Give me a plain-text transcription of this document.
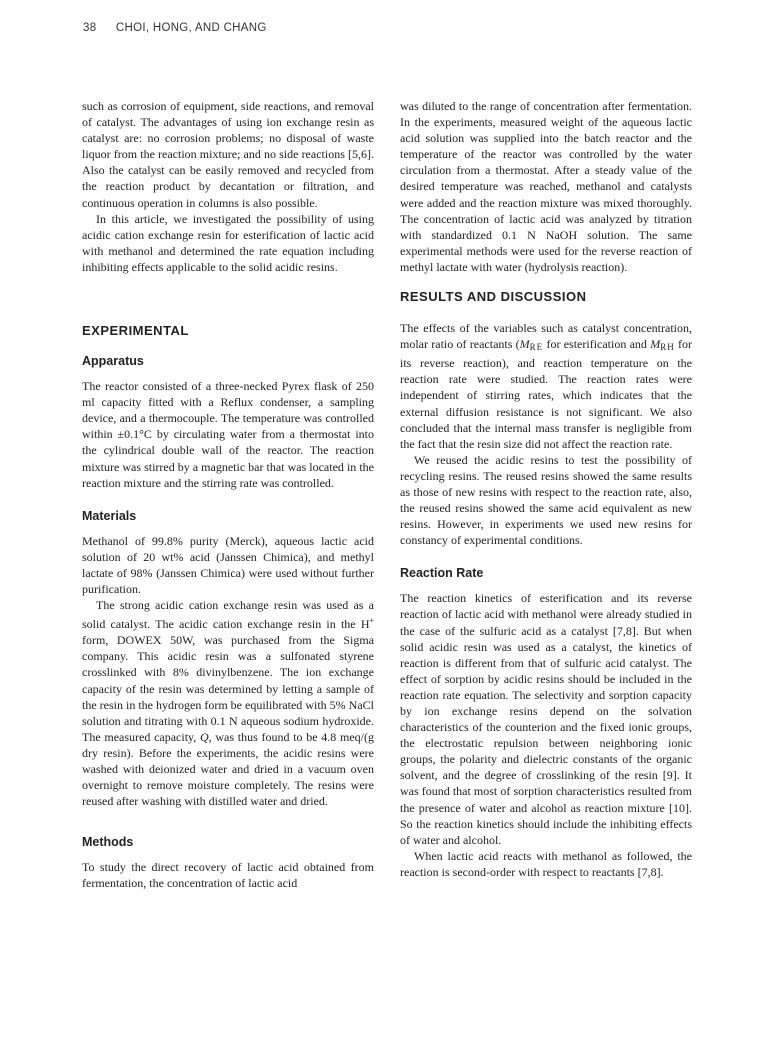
38 CHOI, HONG, AND CHANG

such as corrosion of equipment, side reactions, and removal of catalyst. The advantages of using ion exchange resin as catalyst are: no corrosion problems; no disposal of waste liquor from the reaction mixture; and no side reactions [5,6]. Also the catalyst can be easily removed and recycled from the reaction product by decantation or filtration, and continuous operation in columns is also possible.

In this article, we investigated the possibility of using acidic cation exchange resin for esterification of lactic acid with methanol and determined the rate equation including inhibiting effects applicable to the solid acidic resins.

EXPERIMENTAL
Apparatus

The reactor consisted of a three-necked Pyrex flask of 250 ml capacity fitted with a Reflux condenser, a sampling device, and a thermocouple. The temperature was controlled within ±0.1°C by circulating water from a thermostat into the cylindrical double wall of the reactor. The reaction mixture was stirred by a magnetic bar that was located in the reaction mixture and the stirring rate was controlled.

Materials

Methanol of 99.8% purity (Merck), aqueous lactic acid solution of 20 wt% acid (Janssen Chimica), and methyl lactate of 98% (Janssen Chimica) were used without further purification.

The strong acidic cation exchange resin was used as a solid catalyst. The acidic cation exchange resin in the H+ form, DOWEX 50W, was purchased from the Sigma company. This acidic resin was a sulfonated styrene crosslinked with 8% divinylbenzene. The ion exchange capacity of the resin was determined by letting a sample of the resin in the hydrogen form be equilibrated with 5% NaCl solution and titrating with 0.1 N aqueous sodium hydroxide. The measured capacity, Q, was thus found to be 4.8 meq/(g dry resin). Before the experiments, the acidic resins were washed with deionized water and dried in a vacuum oven overnight to remove moisture completely. The resins were reused after washing with distilled water and dried.

Methods

To study the direct recovery of lactic acid obtained from fermentation, the concentration of lactic acid

was diluted to the range of concentration after fermentation. In the experiments, measured weight of the aqueous lactic acid solution was supplied into the batch reactor and the temperature of the reactor was controlled by the water circulation from a thermostat. After a steady value of the desired temperature was reached, methanol and catalysts were added and the reaction mixture was mixed thoroughly. The concentration of lactic acid was analyzed by titration with standardized 0.1 N NaOH solution. The same experimental methods were used for the reverse reaction of methyl lactate with water (hydrolysis reaction).

RESULTS AND DISCUSSION

The effects of the variables such as catalyst concentration, molar ratio of reactants ($M_{RE}$ for esterification and $M_{RH}$ for its reverse reaction), and reaction temperature on the reaction rate were studied. The reaction rates were independent of stirring rates, which indicates that the external diffusion resistance is not significant. We also concluded that the internal mass transfer is negligible from the fact that the resin size did not affect the reaction rate.

We reused the acidic resins to test the possibility of recycling resins. The reused resins showed the same results as those of new resins with respect to the reaction rate, also, the reused resins showed the same acid equivalent as new resins. However, in experiments we used new resins for constancy of experimental conditions.

Reaction Rate

The reaction kinetics of esterification and its reverse reaction of lactic acid with methanol were already studied in the case of the sulfuric acid as a catalyst [7,8]. But when solid acidic resin was used as a catalyst, the kinetics of reaction is different from that of sulfuric acid catalyst. The effect of sorption by acidic resins should be included in the reaction rate equation. The selectivity and sorption capacity by ion exchange resins depend on the solvation characteristics of the counterion and the fixed ionic groups, the electrostatic repulsion between neighboring ionic groups, the polarity and dielectric constants of the organic solvent, and the degree of crosslinking of the resin [9]. It was found that most of sorption characteristics resulted from the presence of water and alcohol as reaction mixture [10]. So the reaction kinetics should include the inhibiting effects of water and alcohol.

When lactic acid reacts with methanol as followed, the reaction is second-order with respect to reactants [7,8].
